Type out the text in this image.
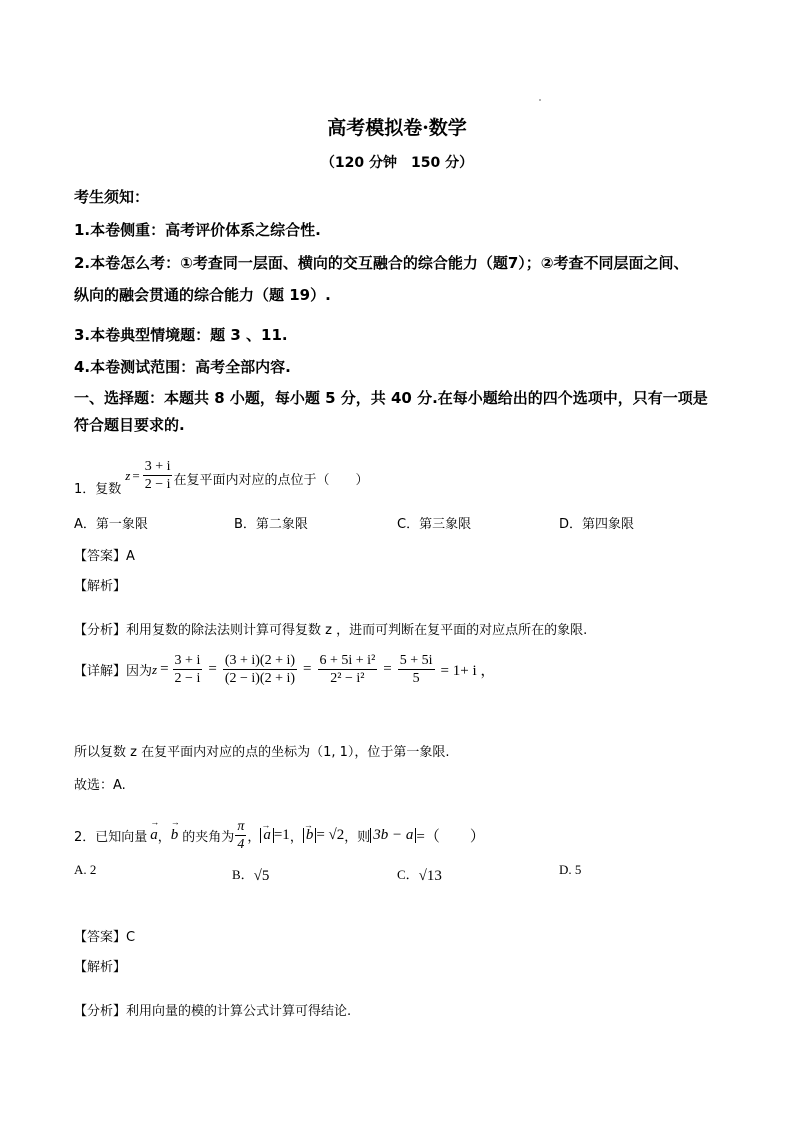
高考模拟卷·数学
（120 分钟　150 分）
考生须知：
1.本卷侧重：高考评价体系之综合性.
2.本卷怎么考：①考查同一层面、横向的交互融合的综合能力（题7）；②考查不同层面之间、
纵向的融会贯通的综合能力（题 19）.
3.本卷典型情境题：题 3 、11.
4.本卷测试范围：高考全部内容.
一、选择题：本题共 8 小题，每小题 5 分，共 40 分.在每小题给出的四个选项中，只有一项是
符合题目要求的.
1．复数
$z = \frac{3 + i}{2 - i}$ 在复平面内对应的点位于（　　）
A．第一象限	B．第二象限	C．第三象限	D．第四象限
【答案】A
【解析】
【分析】利用复数的除法法则计算可得复数 z ，进而可判断在复平面的对应点所在的象限.
【详解】因为 $z = \frac{3 + i}{2 - i} = \frac{(3 + i)(2 + i)}{(2 - i)(2 + i)} = \frac{\text{6 + 5i + i²}}{\text{2² − i²}} = \frac{5 + 5i}{5} = 1+ i$ ，
所以复数 z 在复平面内对应的点的坐标为（1, 1），位于第一象限.
故选：A.
2．已知向量 → a ， → b 的夹角为 $\frac{\pi}{4}$ ， → a =1 ， → b = √2 ，则 3b − a =（　　）
A. 2	B． √5	C． √13	D. 5
【答案】C
【解析】
【分析】利用向量的模的计算公式计算可得结论.
